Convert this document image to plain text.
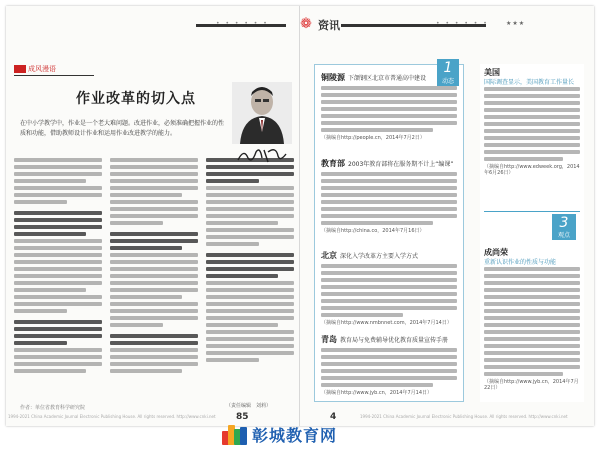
• • • • • •	• • • • • •	★★★
❁ 资讯
$^{成风漫语}$
作业改革的切入点
在中小学教学中，作业是一个老大难问题。改进作业，必须准确把握作业的性质和功能，借助教师设计作业和运用作业改进教学的能力。
作者：单位省教育科学研究院	（责任编辑　刘莉）
85
1994-2021 China Academic Journal Electronic Publishing House. All rights reserved. http://www.cnki.net
1
动态
铜陵源 下颌钢区北京市普通高中建设
（摘编自http://people.cn，2014年7月2日）
教育部 2003年教育部将在服务期不计上“编课”
（摘编自http://china.co，2014年7月16日）
北京 深化入学改革方主要入学方式
（摘编自http://www.nmbnnet.com，2014年7月14日）
青岛 教育局与免费辅导优化教育质量宣传手册
（摘编自http://www.jyb.cn，2014年7月14日）
美国
国际调查显示，美国教育工作量长
（摘编自http://www.edweek.org，2014年6月26日）
3
观点
成尚荣
重新认识作业的性质与功能
（摘编自http://www.jyb.cn，2014年7月22日）
4	1994-2021 China Academic Journal Electronic Publishing House. All rights reserved. http://www.cnki.net
彰城教育网
